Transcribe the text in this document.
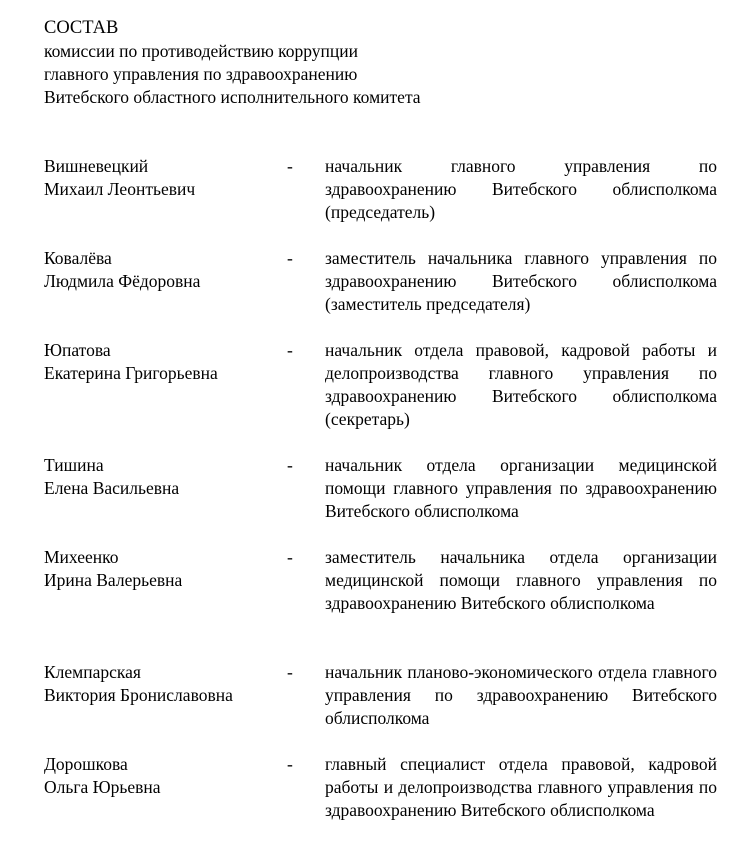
СОСТАВ
комиссии по противодействию коррупции
главного управления по здравоохранению
Витебского областного исполнительного комитета
Вишневецкий
Михаил Леонтьевич
-	начальник главного управления по здравоохранению Витебского облисполкома (председатель)
Ковалёва
Людмила Фёдоровна
-	заместитель начальника главного управления по здравоохранению Витебского облисполкома (заместитель председателя)
Юпатова
Екатерина Григорьевна
-	начальник отдела правовой, кадровой работы и делопроизводства главного управления по здравоохранению Витебского облисполкома (секретарь)
Тишина
Елена Васильевна
-	начальник отдела организации медицинской помощи главного управления по здравоохранению Витебского облисполкома
Михеенко
Ирина Валерьевна
-	заместитель начальника отдела организации медицинской помощи главного управления по здравоохранению Витебского облисполкома
Клемпарская
Виктория Брониславовна
-	начальник планово-экономического отдела главного управления по здравоохранению Витебского облисполкома
Дорошкова
Ольга Юрьевна
-	главный специалист отдела правовой, кадровой работы и делопроизводства главного управления по здравоохранению Витебского облисполкома
